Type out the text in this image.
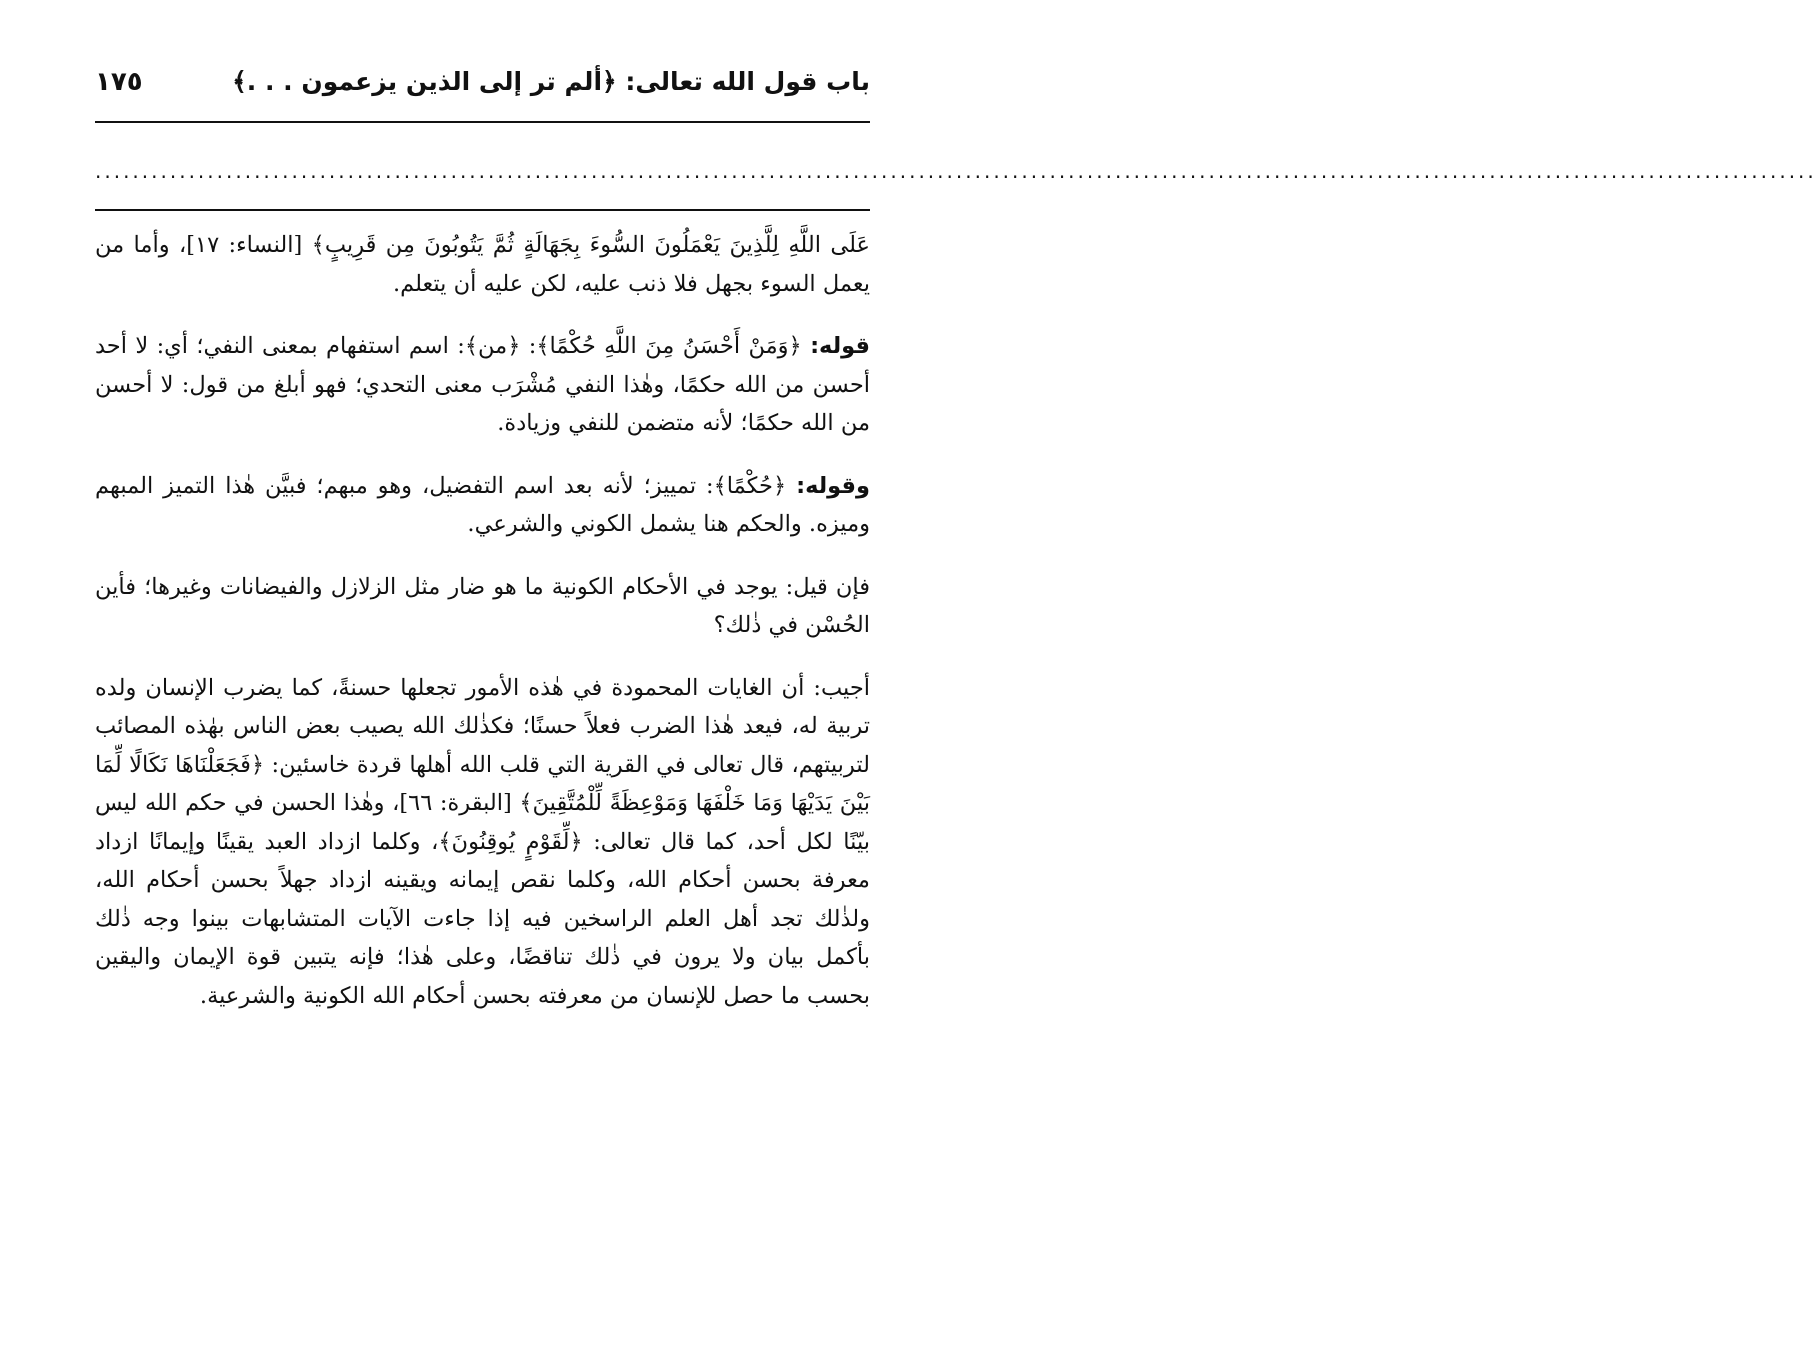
باب قول الله تعالى: ﴿ألم تر إلى الذين يزعمون . . .﴾
١٧٥
........................................................................................................................................................................................

عَلَى اللَّهِ لِلَّذِينَ يَعْمَلُونَ السُّوءَ بِجَهَالَةٍ ثُمَّ يَتُوبُونَ مِن قَرِيبٍ﴾ [النساء: ١٧]، وأما من يعمل السوء بجهل فلا ذنب عليه، لكن عليه أن يتعلم.

قوله: ﴿وَمَنْ أَحْسَنُ مِنَ اللَّهِ حُكْمًا﴾: ﴿من﴾: اسم استفهام بمعنى النفي؛ أي: لا أحد أحسن من الله حكمًا، وهٰذا النفي مُشْرَب معنى التحدي؛ فهو أبلغ من قول: لا أحسن من الله حكمًا؛ لأنه متضمن للنفي وزيادة.

وقوله: ﴿حُكْمًا﴾: تمييز؛ لأنه بعد اسم التفضيل، وهو مبهم؛ فبيَّن هٰذا التميز المبهم وميزه. والحكم هنا يشمل الكوني والشرعي.

فإن قيل: يوجد في الأحكام الكونية ما هو ضار مثل الزلازل والفيضانات وغيرها؛ فأين الحُسْن في ذٰلك؟

أجيب: أن الغايات المحمودة في هٰذه الأمور تجعلها حسنةً، كما يضرب الإنسان ولده تربية له، فيعد هٰذا الضرب فعلاً حسنًا؛ فكذٰلك الله يصيب بعض الناس بهٰذه المصائب لتربيتهم، قال تعالى في القرية التي قلب الله أهلها قردة خاسئين: ﴿فَجَعَلْنَاهَا نَكَالًا لِّمَا بَيْنَ يَدَيْهَا وَمَا خَلْفَهَا وَمَوْعِظَةً لِّلْمُتَّقِينَ﴾ [البقرة: ٦٦]، وهٰذا الحسن في حكم الله ليس بيّنًا لكل أحد، كما قال تعالى: ﴿لِّقَوْمٍ يُوقِنُونَ﴾، وكلما ازداد العبد يقينًا وإيمانًا ازداد معرفة بحسن أحكام الله، وكلما نقص إيمانه ويقينه ازداد جهلاً بحسن أحكام الله، ولذٰلك تجد أهل العلم الراسخين فيه إذا جاءت الآيات المتشابهات بينوا وجه ذٰلك بأكمل بيان ولا يرون في ذٰلك تناقضًا، وعلى هٰذا؛ فإنه يتبين قوة الإيمان واليقين بحسب ما حصل للإنسان من معرفته بحسن أحكام الله الكونية والشرعية.
